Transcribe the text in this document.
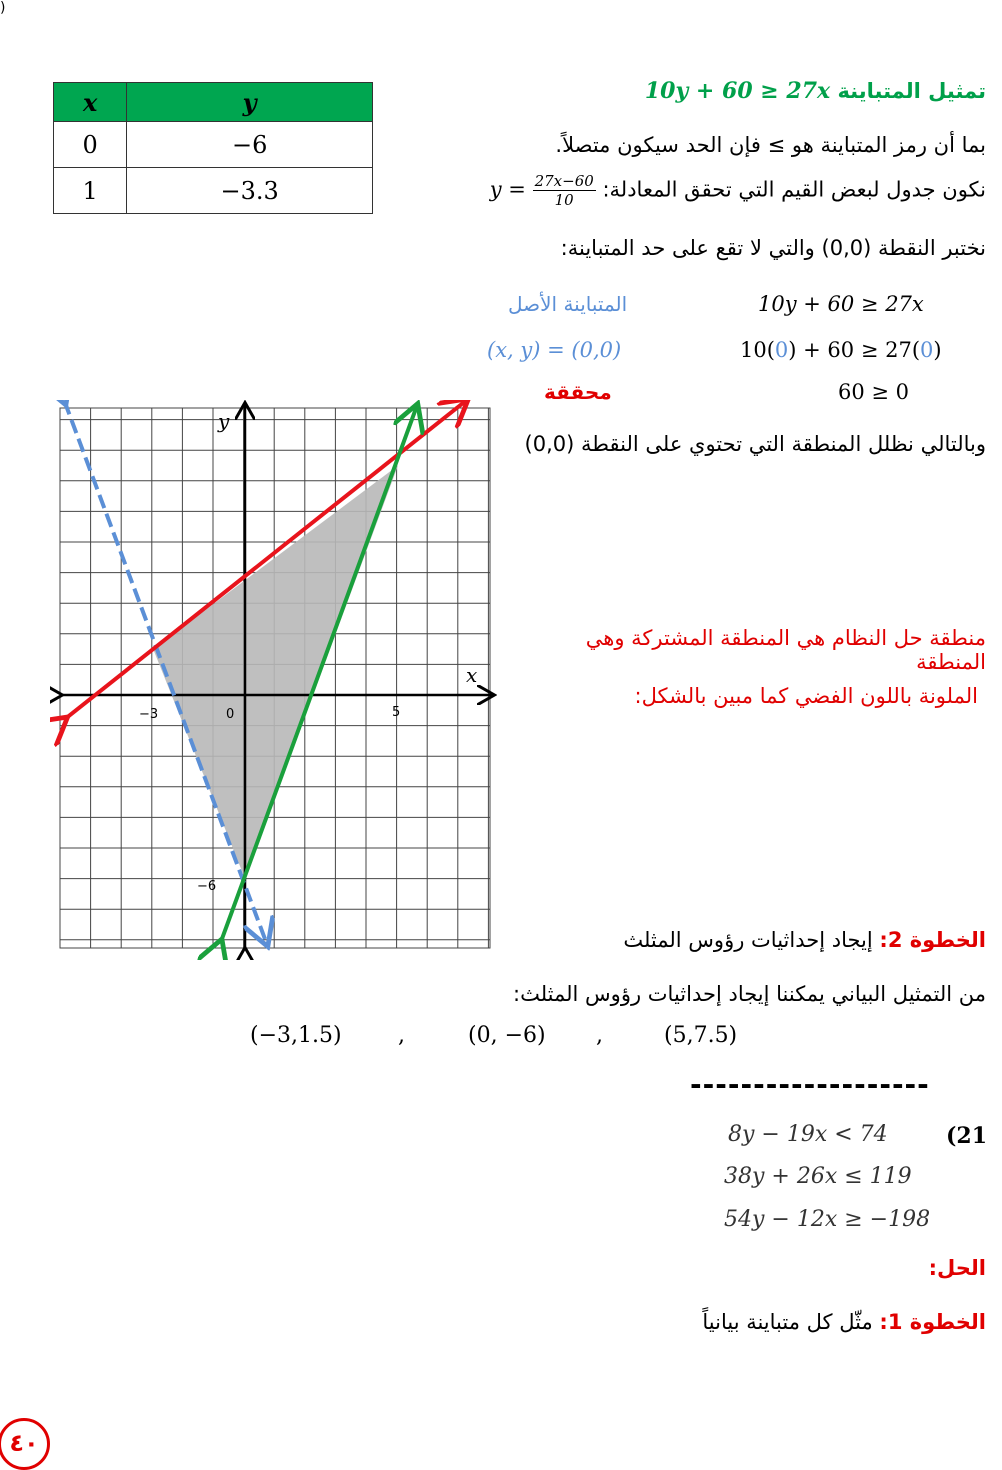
)
تمثيل المتباينة 10y + 60 ≥ 27x
x	y
0	−6
1	−3.3
بما أن رمز المتباينة هو ≥ فإن الحد سيكون متصلاً.
نكون جدول لبعض القيم التي تحقق المعادلة: $y = \frac{27x-60}{10}$
نختبر النقطة (0,0) والتي لا تقع على حد المتباينة:
المتباينة الأصل	10y + 60 ≥ 27x
(x, y) = (0,0)	10(0) + 60 ≥ 27(0)
محققة	60 ≥ 0
وبالتالي نظلل المنطقة التي تحتوي على النقطة (0,0)
منطقة حل النظام هي المنطقة المشتركة وهي المنطقة
الملونة باللون الفضي كما مبين بالشكل:
x
y
−3	0	5
−6
الخطوة 2: إيجاد إحداثيات رؤوس المثلث
من التمثيل البياني يمكننا إيجاد إحداثيات رؤوس المثلث:
(−3,1.5)	,	(0, −6) ,	(5,7.5)
-------------------
(21
8y − 19x < 74
38y + 26x ≤ 119
54y − 12x ≥ −198
الحل:
الخطوة 1: مثّل كل متباينة بيانياً
٤٠
